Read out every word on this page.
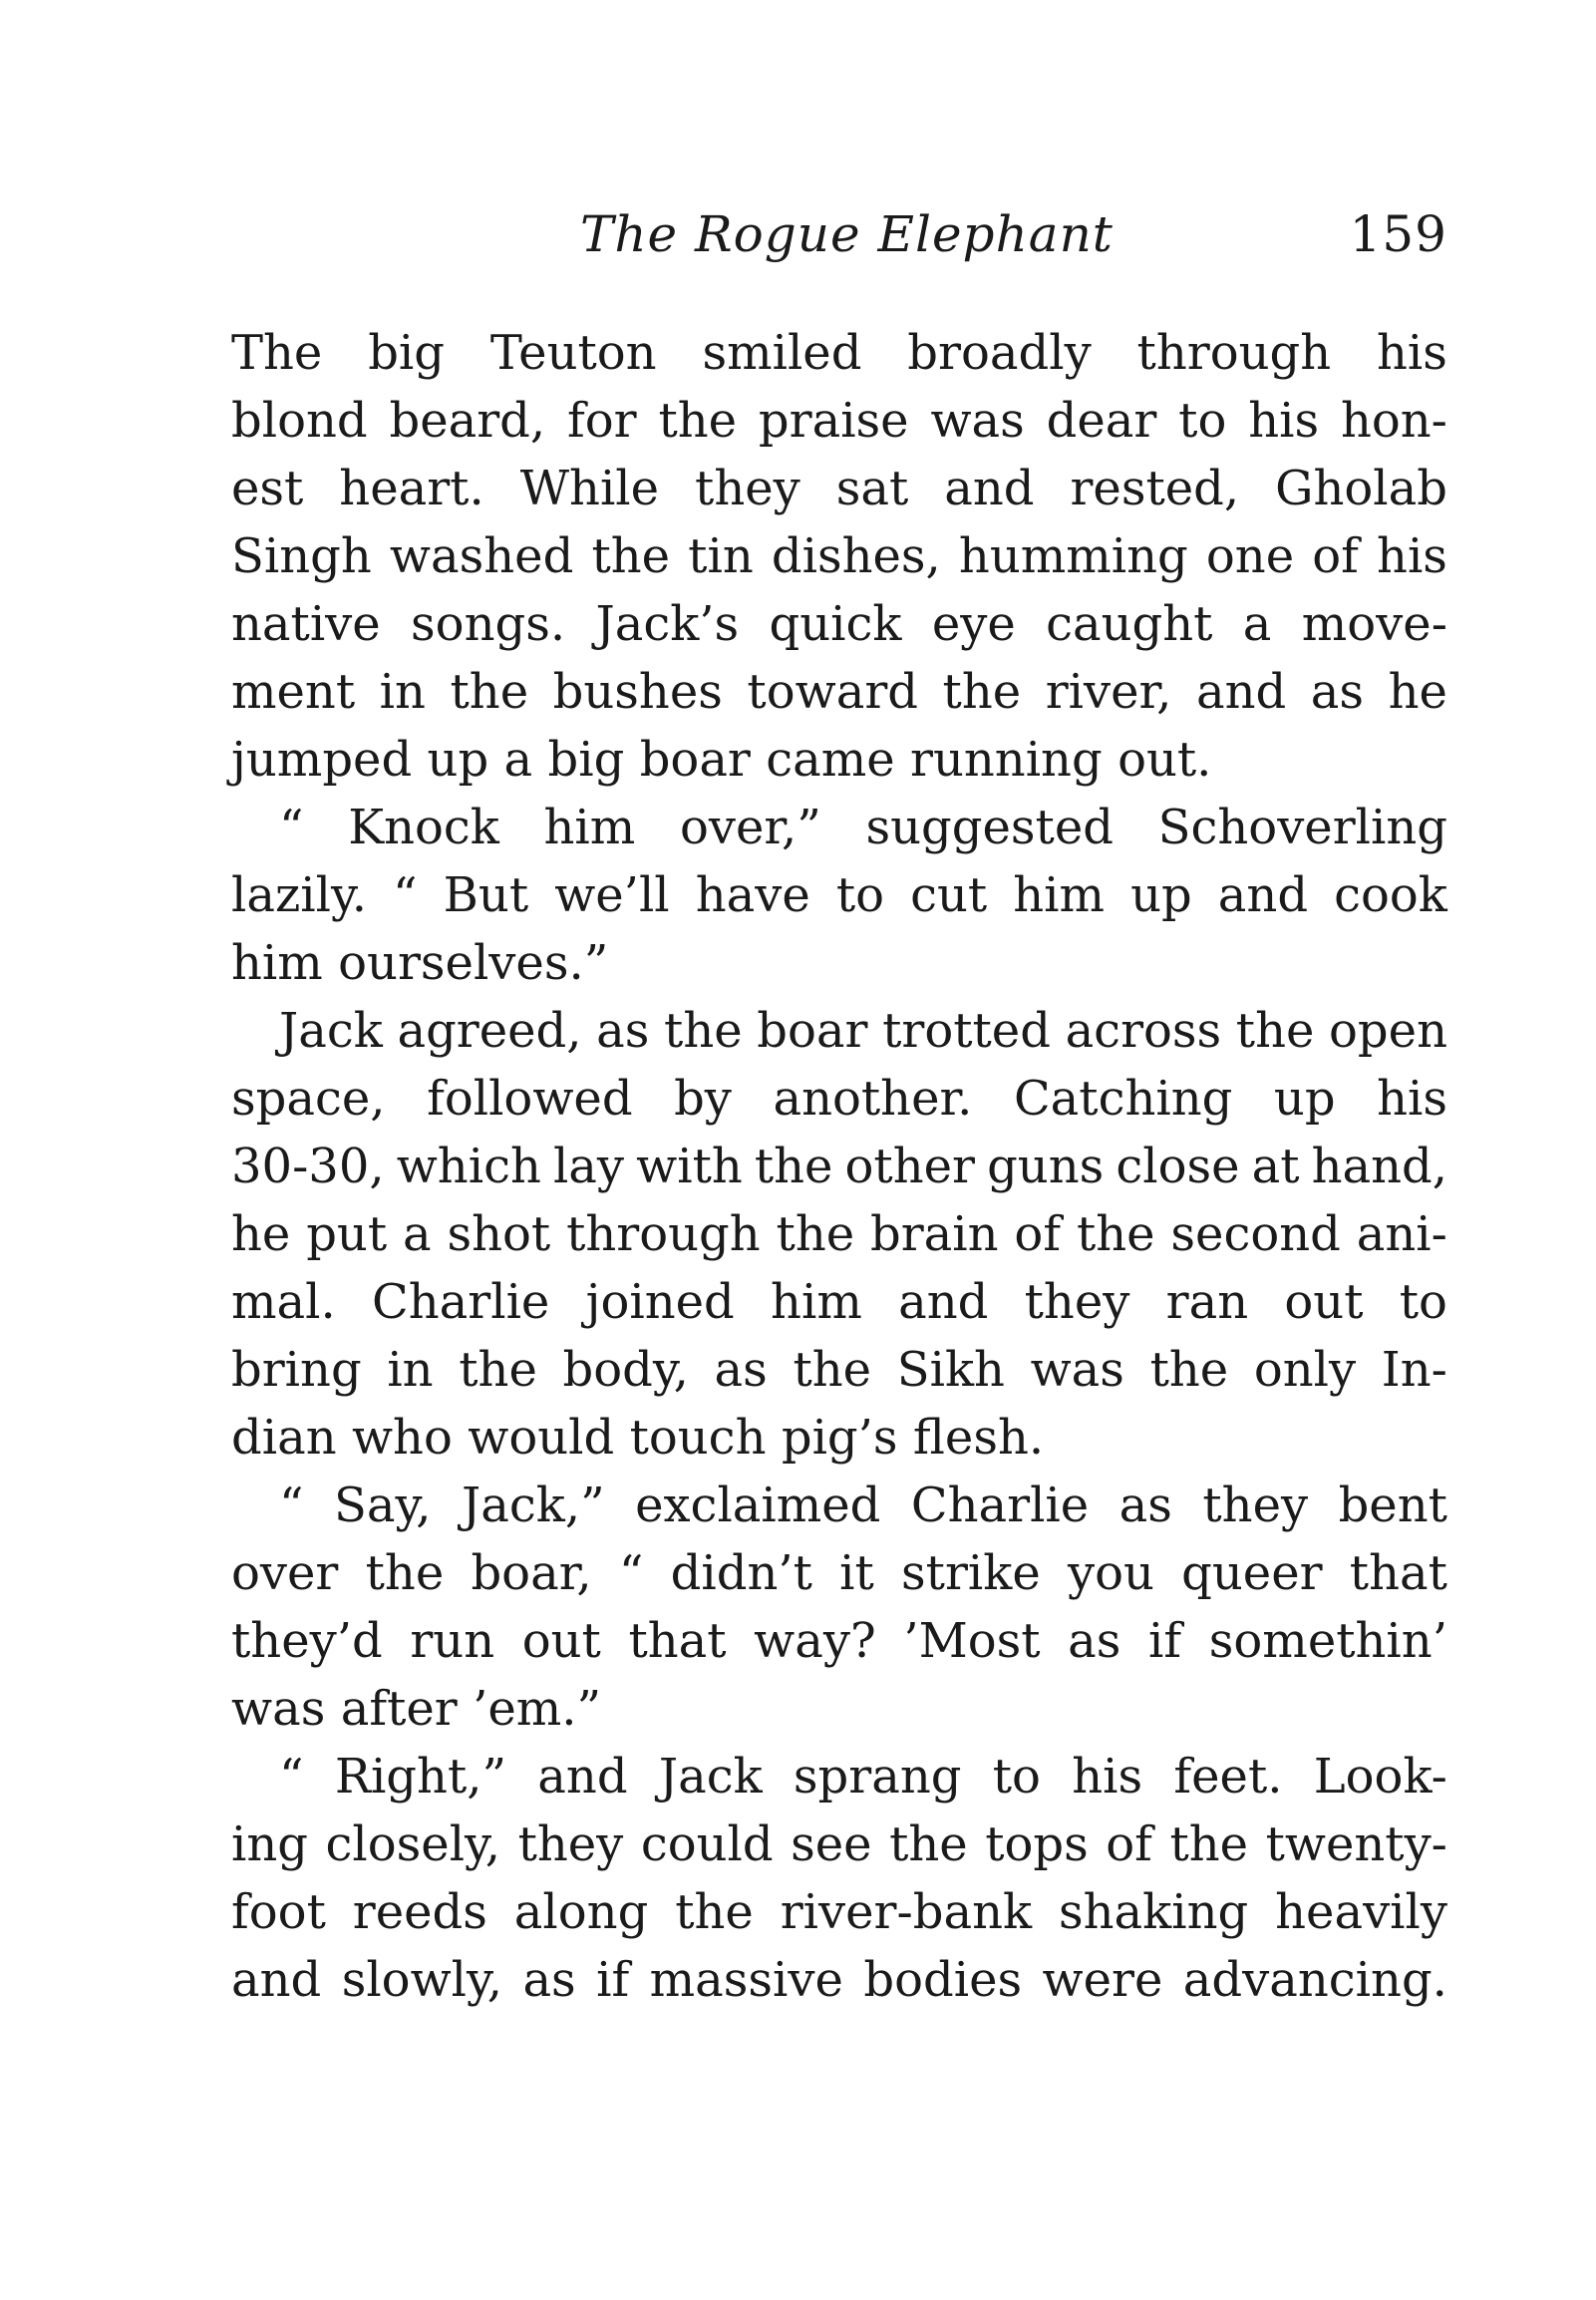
The Rogue Elephant	159
The big Teuton smiled broadly through his
blond beard, for the praise was dear to his hon-
est heart. While they sat and rested, Gholab
Singh washed the tin dishes, humming one of his
native songs. Jack’s quick eye caught a move-
ment in the bushes toward the river, and as he
jumped up a big boar came running out.
“ Knock him over,” suggested Schoverling
lazily. “ But we’ll have to cut him up and cook
him ourselves.”
Jack agreed, as the boar trotted across the open
space, followed by another. Catching up his
30-30, which lay with the other guns close at hand,
he put a shot through the brain of the second ani-
mal. Charlie joined him and they ran out to
bring in the body, as the Sikh was the only In-
dian who would touch pig’s flesh.
“ Say, Jack,” exclaimed Charlie as they bent
over the boar, “ didn’t it strike you queer that
they’d run out that way? ’Most as if somethin’
was after ’em.”
“ Right,” and Jack sprang to his feet. Look-
ing closely, they could see the tops of the twenty-
foot reeds along the river-bank shaking heavily
and slowly, as if massive bodies were advancing.
